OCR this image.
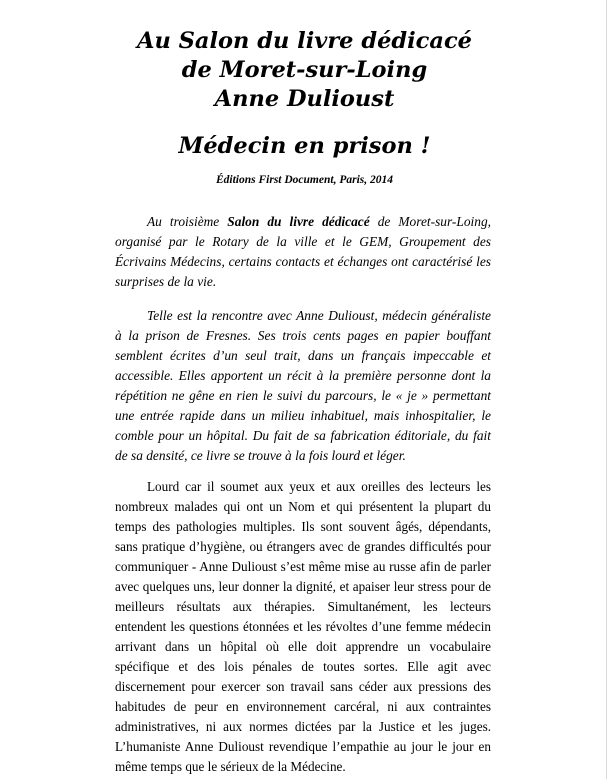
Au Salon du livre dédicacé
de Moret-sur-Loing
Anne Dulioust
Médecin en prison !
Éditions First Document, Paris, 2014

Au troisième Salon du livre dédicacé de Moret-sur-Loing, organisé par le Rotary de la ville et le GEM, Groupement des Écrivains Médecins, certains contacts et échanges ont caractérisé les surprises de la vie.

Telle est la rencontre avec Anne Dulioust, médecin généraliste à la prison de Fresnes. Ses trois cents pages en papier bouffant semblent écrites d’un seul trait, dans un français impeccable et accessible. Elles apportent un récit à la première personne dont la répétition ne gêne en rien le suivi du parcours, le « je » permettant une entrée rapide dans un milieu inhabituel, mais inhospitalier, le comble pour un hôpital. Du fait de sa fabrication éditoriale, du fait de sa densité, ce livre se trouve à la fois lourd et léger.

Lourd car il soumet aux yeux et aux oreilles des lecteurs les nombreux malades qui ont un Nom et qui présentent la plupart du temps des pathologies multiples. Ils sont souvent âgés, dépendants, sans pratique d’hygiène, ou étrangers avec de grandes difficultés pour communiquer - Anne Dulioust s’est même mise au russe afin de parler avec quelques uns, leur donner la dignité, et apaiser leur stress pour de meilleurs résultats aux thérapies. Simultanément, les lecteurs entendent les questions étonnées et les révoltes d’une femme médecin arrivant dans un hôpital où elle doit apprendre un vocabulaire spécifique et des lois pénales de toutes sortes. Elle agit avec discernement pour exercer son travail sans céder aux pressions des habitudes de peur en environnement carcéral, ni aux contraintes administratives, ni aux normes dictées par la Justice et les juges. L’humaniste Anne Dulioust revendique l’empathie au jour le jour en même temps que le sérieux de la Médecine.
